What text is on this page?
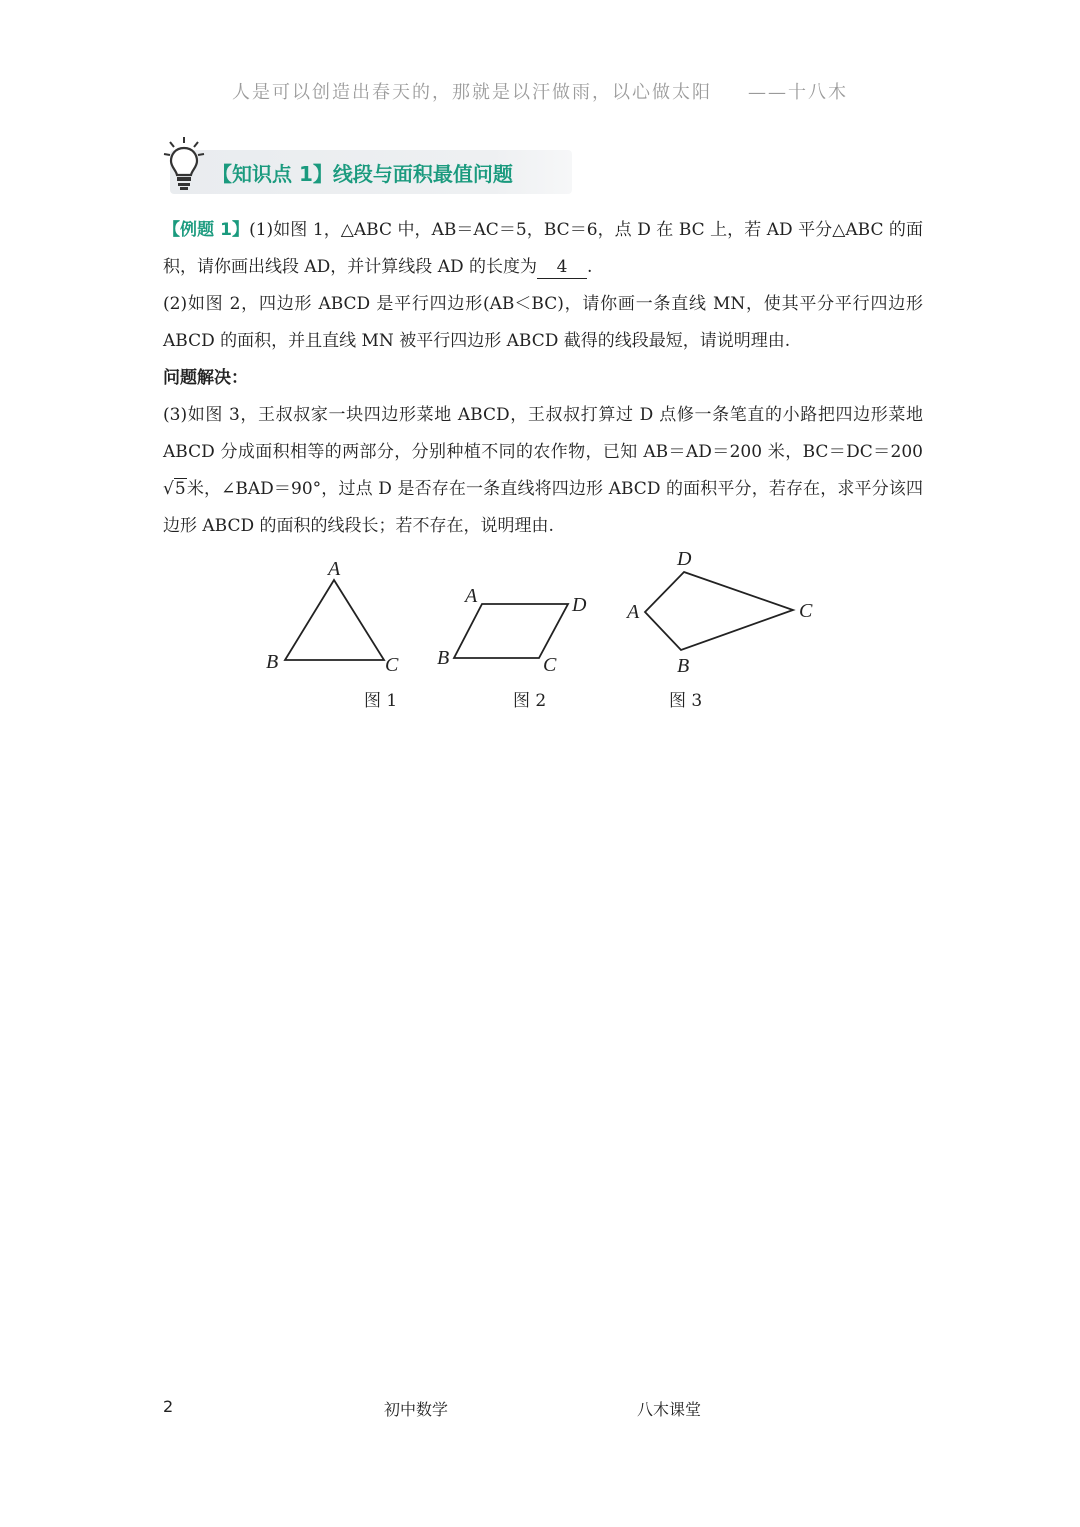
人是可以创造出春天的，那就是以汗做雨，以心做太阳 ——十八木
【知识点 1】线段与面积最值问题

【例题 1】(1)如图 1，△ABC 中，AB＝AC＝5，BC＝6，点 D 在 BC 上，若 AD 平分△ABC 的面积，请你画出线段 AD，并计算线段 AD 的长度为 4 .

(2)如图 2，四边形 ABCD 是平行四边形(AB＜BC)，请你画一条直线 MN，使其平分平行四边形 ABCD 的面积，并且直线 MN 被平行四边形 ABCD 截得的线段最短，请说明理由.

问题解决：

(3)如图 3，王叔叔家一块四边形菜地 ABCD，王叔叔打算过 D 点修一条笔直的小路把四边形菜地 ABCD 分成面积相等的两部分，分别种植不同的农作物，已知 AB＝AD＝200 米，BC＝DC＝200√5米，∠BAD＝90°，过点 D 是否存在一条直线将四边形 ABCD 的面积平分，若存在，求平分该四边形 ABCD 的面积的线段长；若不存在，说明理由.

A
B	C
A	D
B	C
D
A	C
B
图 1	图 2	图 3
2	初中数学	八木课堂
